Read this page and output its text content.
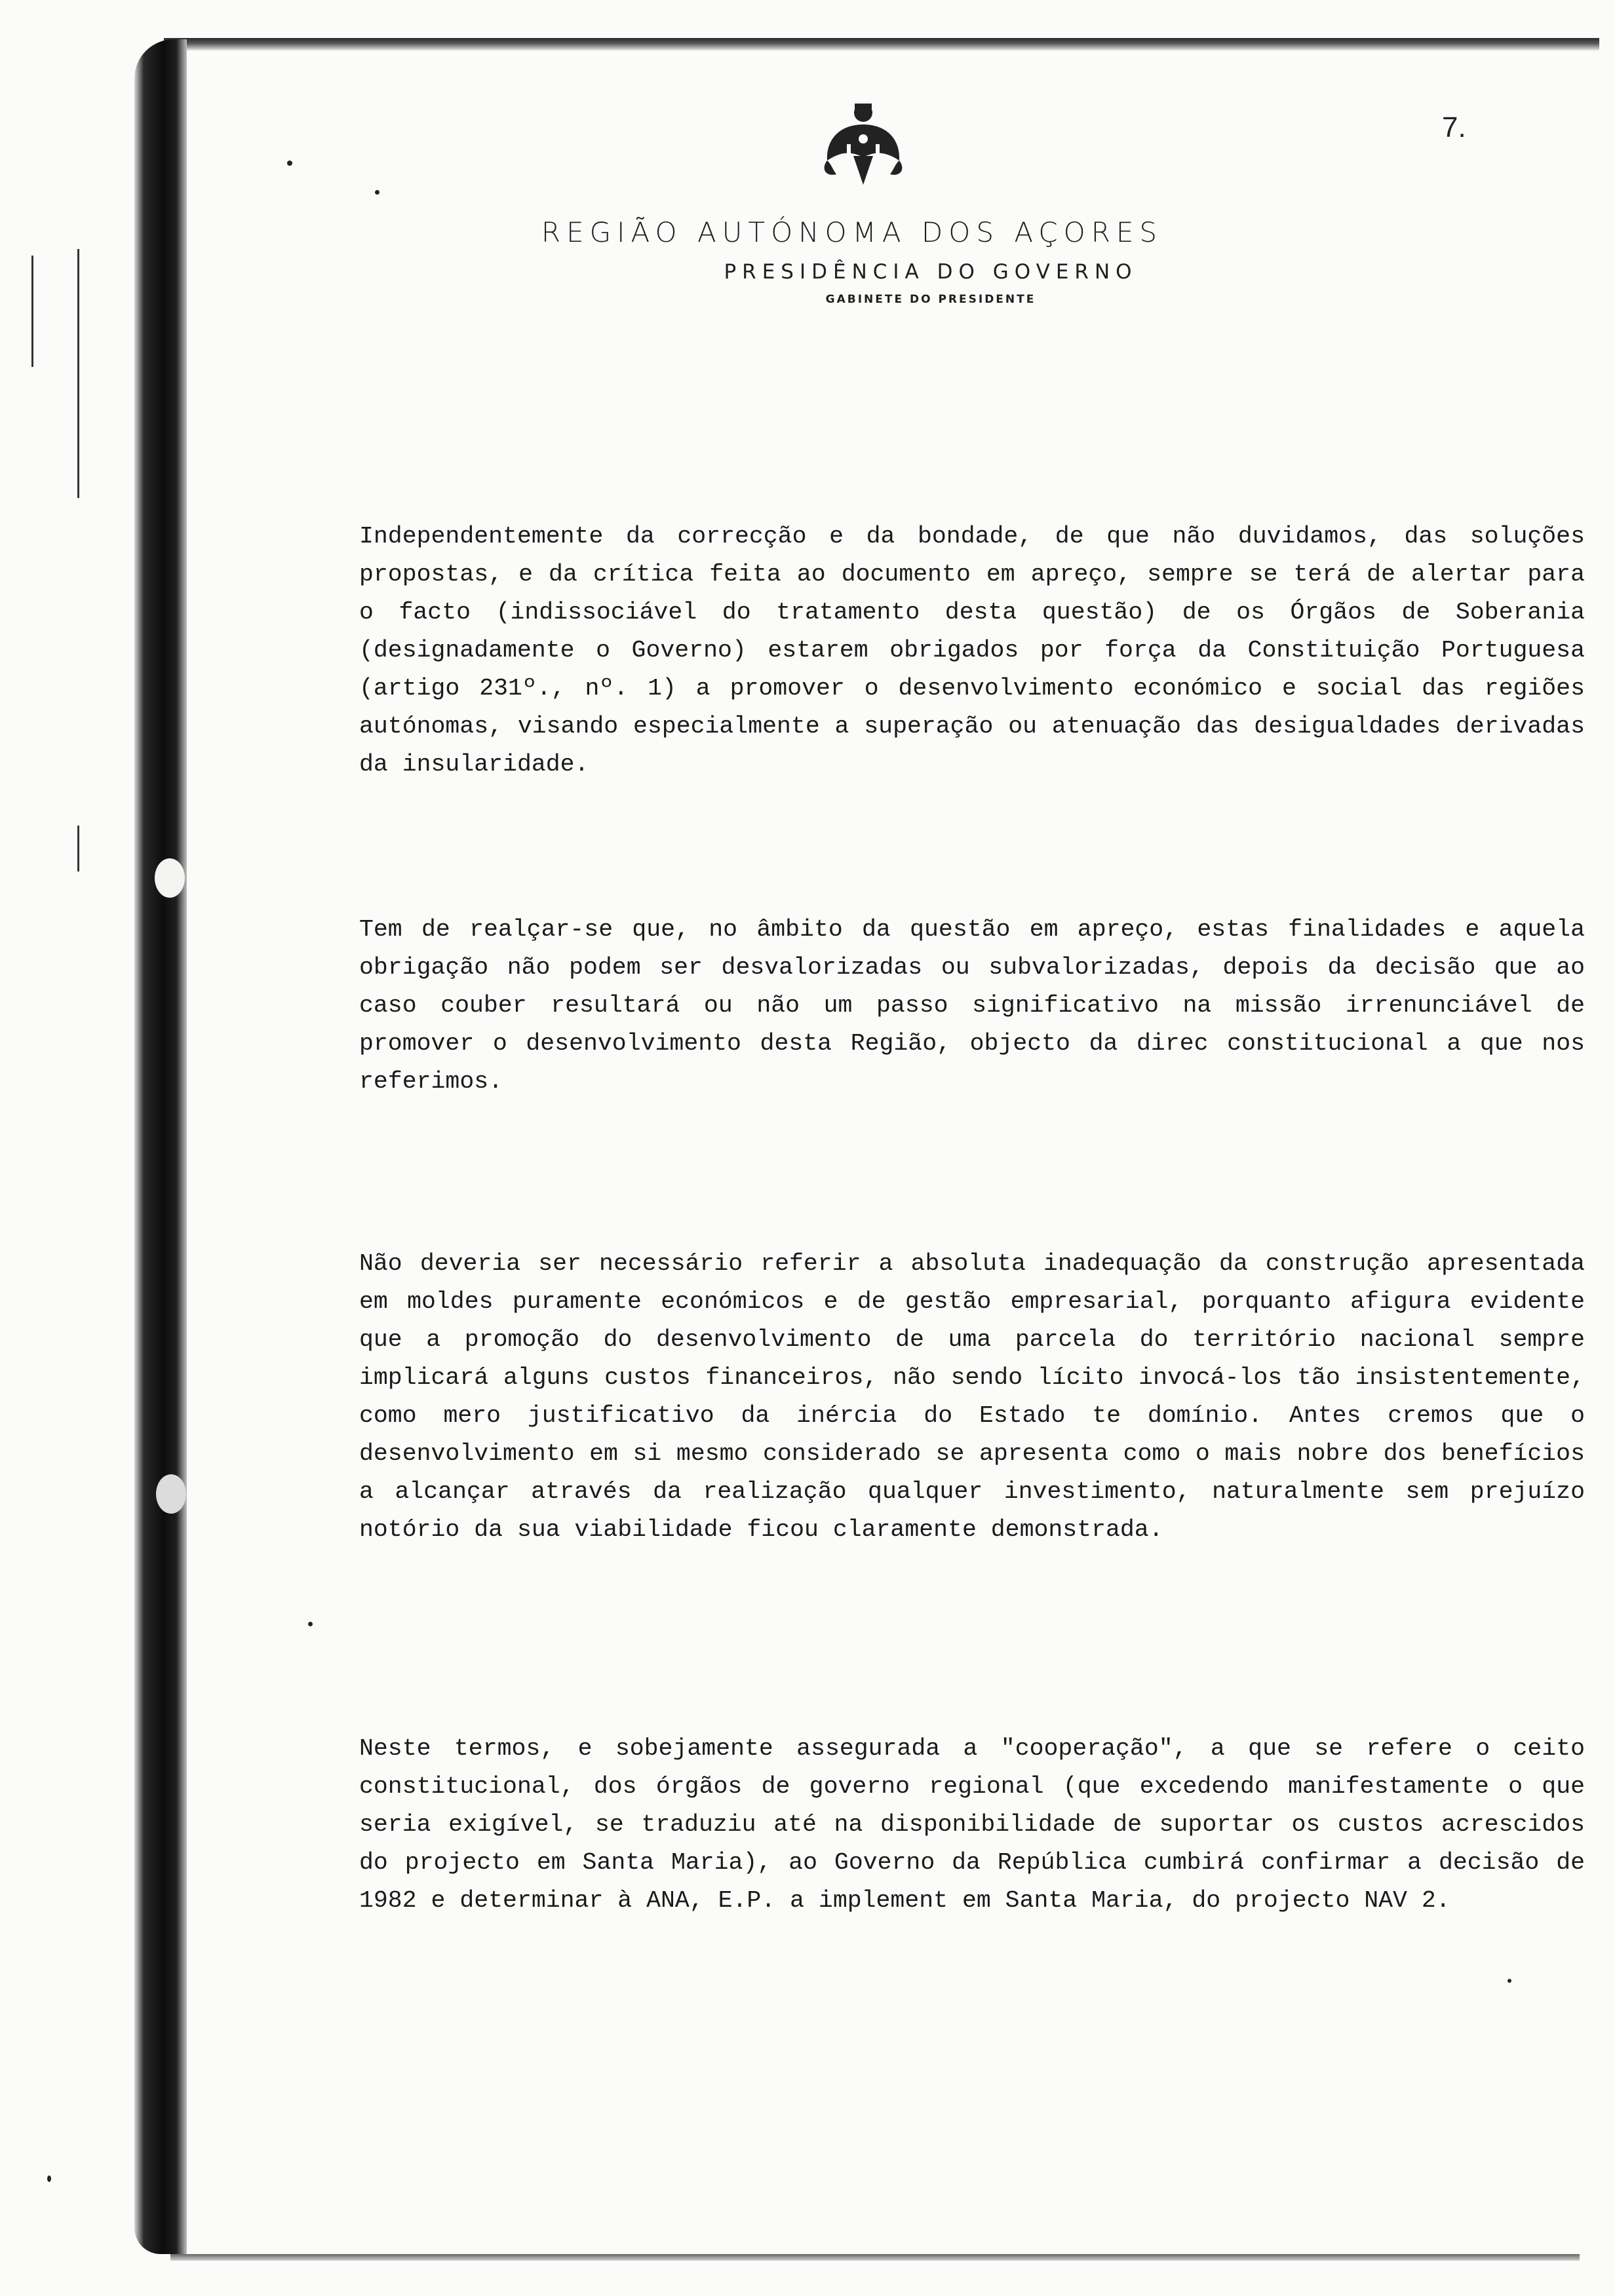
7.
REGIÃO AUTÓNOMA DOS AÇORES
PRESIDÊNCIA DO GOVERNO
GABINETE DO PRESIDENTE

Independentemente da correcção e da bondade, de que não duvidamos, das soluções propostas, e da crítica feita ao documento em apreço, sempre se terá de alertar para o facto (indissociável do tratamento desta questão) de os Órgãos de Soberania (designadamente o Governo) estarem obrigados por força da Constituição Portuguesa (artigo 231º., nº. 1) a promover o desenvolvimento económico e social das regiões autónomas, visando especialmente a superação ou atenuação das desigualdades derivadas da insularidade.

Tem de realçar-se que, no âmbito da questão em apreço, estas finalidades e aquela obrigação não podem ser desvalorizadas ou subvalorizadas, depois da decisão que ao caso couber resultará ou não um passo significativo na missão irrenunciável de promover o desenvolvimento desta Região, objecto da direc constitucional a que nos referimos.

Não deveria ser necessário referir a absoluta inadequação da construção apresentada em moldes puramente económicos e de gestão empresarial, porquanto afigura evidente que a promoção do desenvolvimento de uma parcela do território nacional sempre implicará alguns custos financeiros, não sendo lícito invocá-los tão insistentemente, como mero justificativo da inércia do Estado te domínio. Antes cremos que o desenvolvimento em si mesmo considerado se apresenta como o mais nobre dos benefícios a alcançar através da realização qualquer investimento, naturalmente sem prejuízo notório da sua viabilidade ficou claramente demonstrada.

Neste termos, e sobejamente assegurada a "cooperação", a que se refere o ceito constitucional, dos órgãos de governo regional (que excedendo manifestamente o que seria exigível, se traduziu até na disponibilidade de suportar os custos acrescidos do projecto em Santa Maria), ao Governo da República cumbirá confirmar a decisão de 1982 e determinar à ANA, E.P. a implement em Santa Maria, do projecto NAV 2.
